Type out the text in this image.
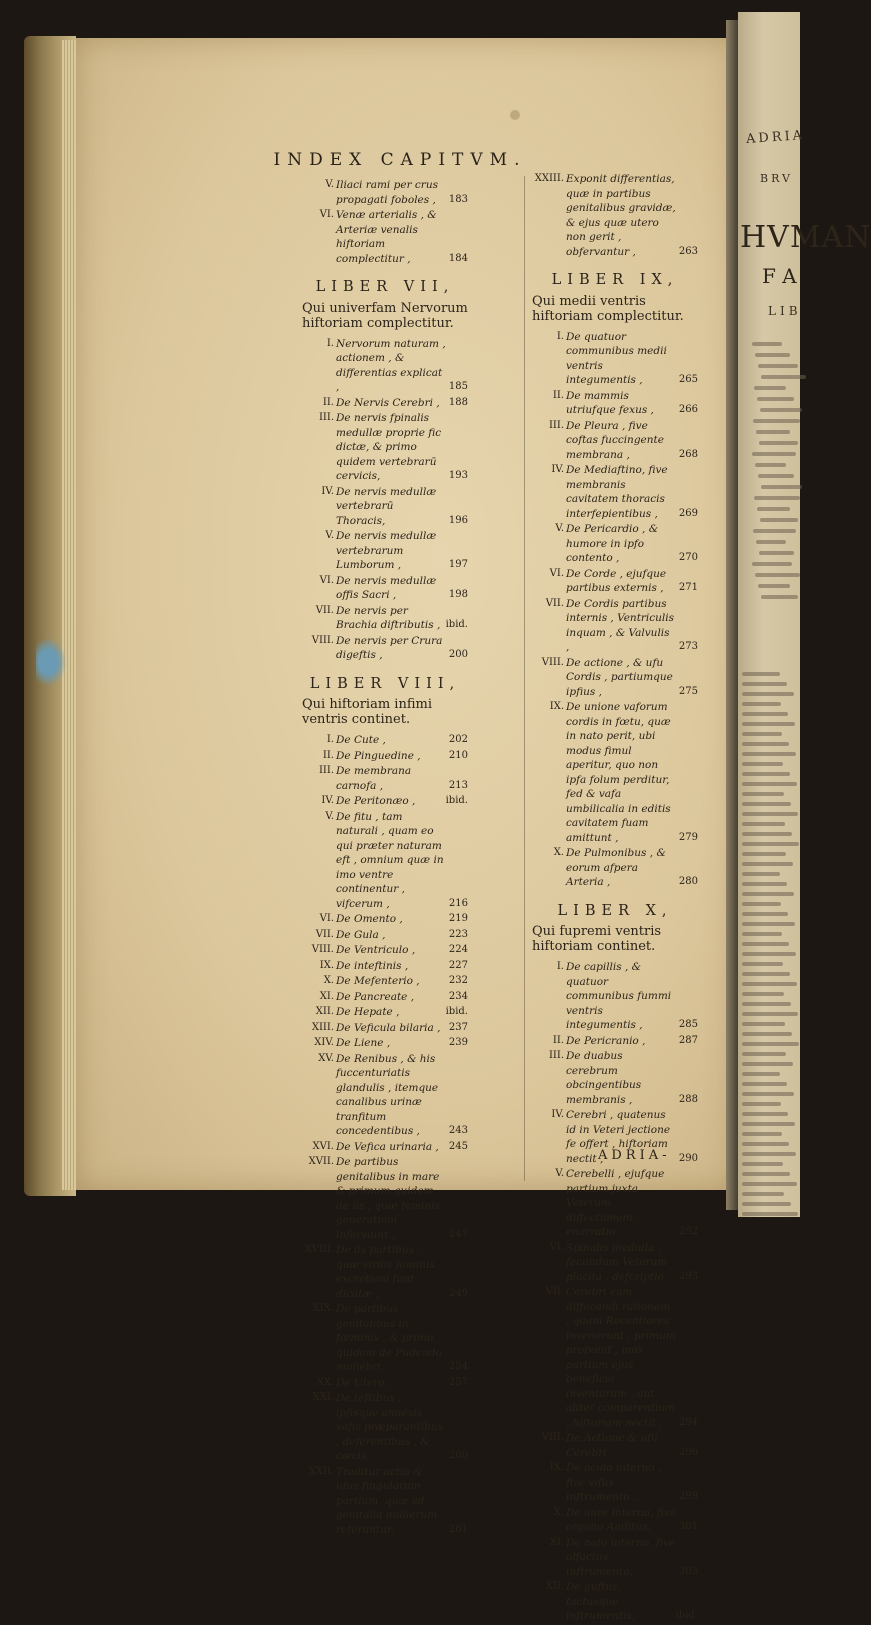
ADRIA
BRV
HVMAN
FA
LIB
INDEX CAPITVM.
V. Iliaci rami per crus propagati foboles , 183
VI. Venæ arterialis , & Arteriæ venalis hiftoriam complectitur ,	184
LIBER VII,
Qui univerfam Nervorum hiftoriam complectitur.
I. Nervorum naturam , actionem , & differentias explicat ,	185
II. De Nervis Cerebri , 188
III. De nervis fpinalis medullæ proprie fic dictæ, & primo quidem vertebrarū cervicis,	193
IV. De nervis medullæ vertebrarū Thoracis,	196
V. De nervis medullæ vertebrarum Lumborum ,	197
VI. De nervis medullæ offis Sacri ,	198
VII. De nervis per Brachia diftributis , ibid.
VIII. De nervis per Crura digeftis ,	200
LIBER VIII,
Qui hiftoriam infimi ventris continet.
I. De Cute ,	202
II. De Pinguedine ,	210
III. De membrana carnofa ,	213
IV. De Peritonæo ,	ibid.
V. De fitu , tam naturali , quam eo qui præter naturam eft , omnium quæ in imo ventre continentur , vifcerum ,	216
VI. De Omento ,	219
VII. De Gula ,	223
VIII. De Ventriculo ,	224
IX. De inteftinis ,	227
X. De Mefenterio ,	232
XI. De Pancreate ,	234
XII. De Hepate ,	ibid.
XIII. De Veficula bilaria , 237
XIV. De Liene ,	239
XV. De Renibus , & his fuccenturiatis glandulis , itemque canalibus urinæ tranfitum concedentibus ,	243
XVI. De Vefica urinaria , 245
XVII. De partibus genitalibus in mare & primum quidem de iis , quæ feminis generationi inferviunt ,	247
XVIII. De iis partibus , quæ virilis feminis excretioni funt dicatæ ,	249
XIX. De partibus genitalibus in fœminis , & primo quidem de Pudendo muliebri,	254
XX. De Utero ,	257
XXI. De teftibus , ipfisque annexis vafis præparantibus , deferentibus , & cæcis,	260
XXII. Traditur actio & ufus fingularum partium, quæ ad genitalia mulierum referuntur,	261
XXIII. Exponit differentias, quæ in partibus genitalibus gravidæ, & ejus quæ utero non gerit , obfervantur ,	263
LIBER IX,
Qui medii ventris hiftoriam complectitur.
I. De quatuor communibus medii ventris integumentis ,	265
II. De mammis utriufque fexus ,	266
III. De Pleura , five coftas fuccingente membrana ,	268
IV. De Mediaftino, five membranis cavitatem thoracis interfepientibus , 269
V. De Pericardio , & humore in ipfo contento ,	270
VI. De Corde , ejufque partibus externis , 271
VII. De Cordis partibus internis , Ventriculis inquam , & Valvulis ,	273
VIII. De actione , & ufu Cordis , partiumque ipfius ,	275
IX. De unione vaforum cordis in fœtu, quæ in nato perit, ubi modus fimul aperitur, quo non ipfa folum perditur, fed & vafa umbilicalia in editis cavitatem fuam amittunt ,	279
X. De Pulmonibus , & eorum afpera Arteria ,	280
LIBER X,
Qui fupremi ventris hiftoriam continet.
I. De capillis , & quatuor communibus fummi ventris integumentis ,	285
II. De Pericranio ,	287
III. De duabus cerebrum obcingentibus membranis ,	288
IV. Cerebri , quatenus id in Veteri jectione fe offert , hiftoriam nectit ,	290
V. Cerebelli , ejufque partium juxta Veterum diffectionem , enarratio .	292
VI. Spinalis medulla , fecundum Veterum placita , defcriptio , 293
VII. Cerebri eam diffecandi rationem , quam Recentiores invenerunt , primum proponit , mox partium ejus beneficio inventarum , aut aliter comparentium , hiftoriam nectit , 294
VIII. De Actione & ufu Cerebri ,	296
IX. De oculo interno , five vifus inftrumento ,	299
X. De aure interna, five organo Auditus,	301
XI. De nafo interno, five olfactus inftrumento,	303
XII. De guftus, tactusque inftrumentis,	ibid.
ADRIA-
